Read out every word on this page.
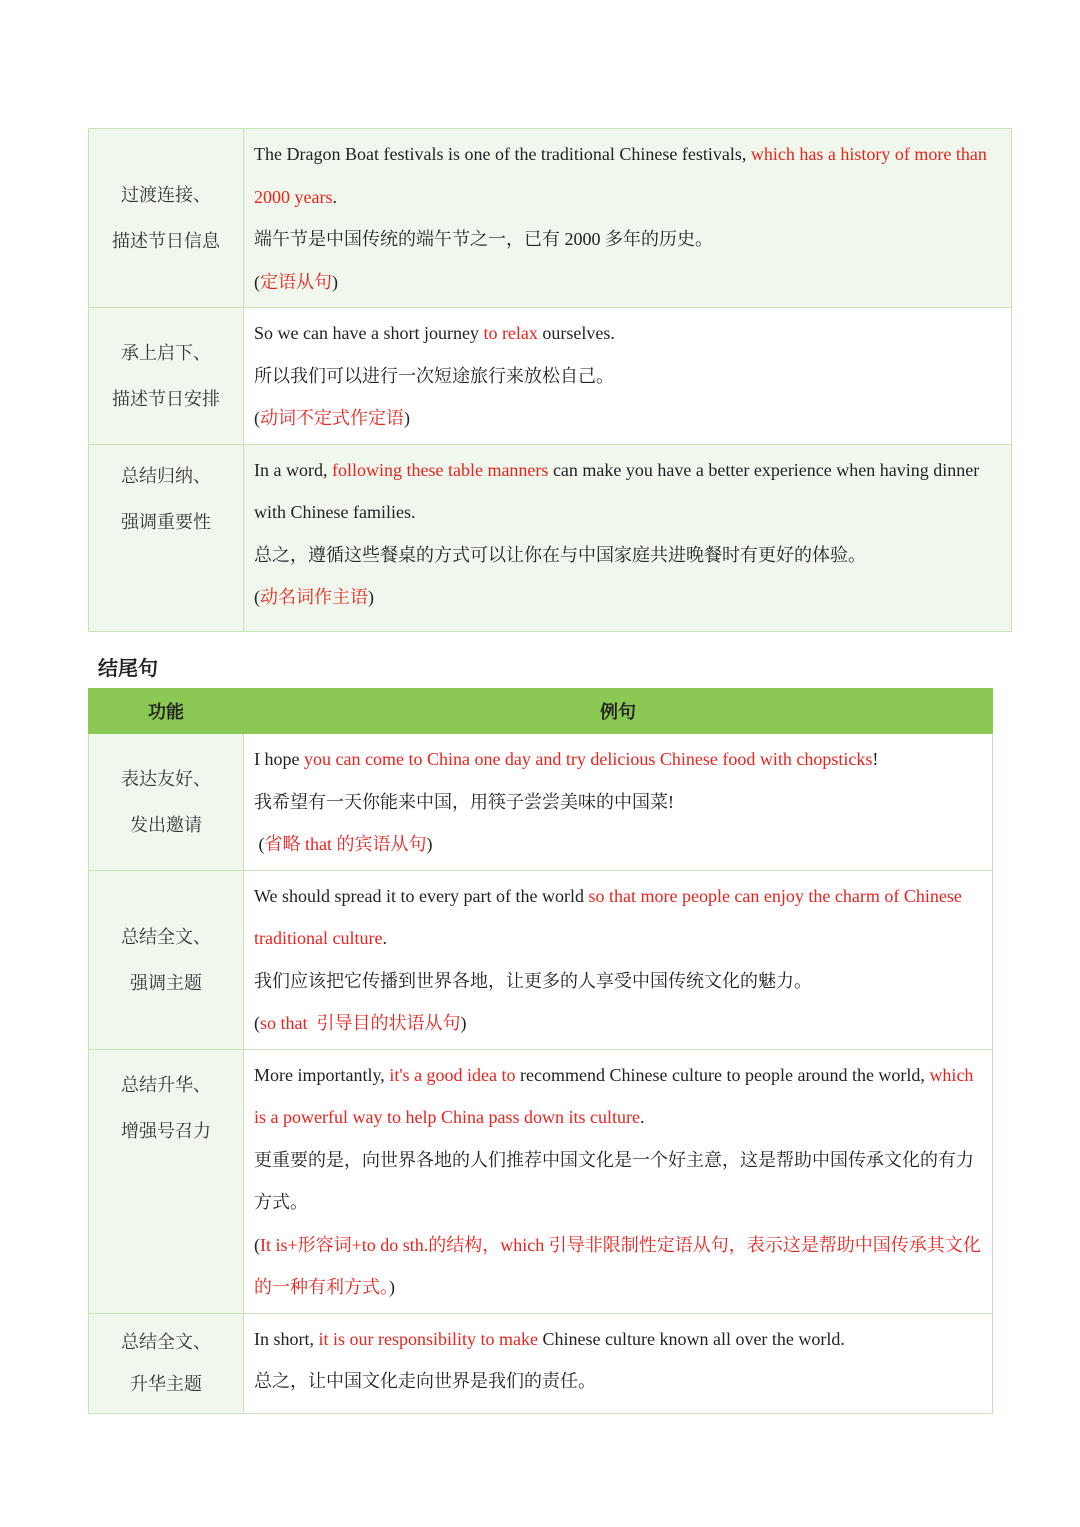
过渡连接、
描述节日信息	The Dragon Boat festivals is one of the traditional Chinese festivals, which has a history of more than 2000 years.
端午节是中国传统的端午节之一，已有 2000 多年的历史。
(定语从句)

承上启下、
描述节日安排	So we can have a short journey to relax ourselves.
所以我们可以进行一次短途旅行来放松自己。
(动词不定式作定语)

总结归纳、
强调重要性	In a word, following these table manners can make you have a better experience when having dinner with Chinese families.
总之，遵循这些餐桌的方式可以让你在与中国家庭共进晚餐时有更好的体验。
(动名词作主语)
结尾句
功能	例句

表达友好、
发出邀请	I hope you can come to China one day and try delicious Chinese food with chopsticks!
我希望有一天你能来中国，用筷子尝尝美味的中国菜!
(省略 that 的宾语从句)

总结全文、
强调主题	We should spread it to every part of the world so that more people can enjoy the charm of Chinese traditional culture.
我们应该把它传播到世界各地，让更多的人享受中国传统文化的魅力。
(so that  引导目的状语从句)

总结升华、
增强号召力	More importantly, it's a good idea to recommend Chinese culture to people around the world, which is a powerful way to help China pass down its culture.
更重要的是，向世界各地的人们推荐中国文化是一个好主意，这是帮助中国传承文化的有力方式。
(It is+形容词+to do sth.的结构，which 引导非限制性定语从句，表示这是帮助中国传承其文化的一种有利方式。)

总结全文、
升华主题	In short, it is our responsibility to make Chinese culture known all over the world.
总之，让中国文化走向世界是我们的责任。
